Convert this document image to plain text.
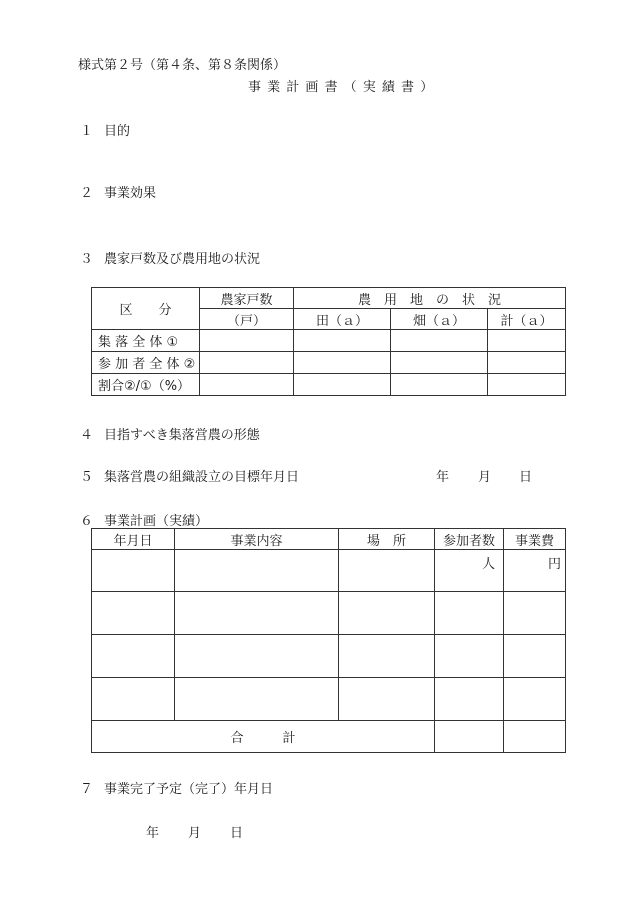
様式第２号（第４条、第８条関係）
事 業 計 画 書 （ 実 績 書 ）
１ 目的
２ 事業効果
３ 農家戸数及び農用地の状況
区　　分	農家戸数	農　用　地　の　状　況		
	（戸）	田（ａ）	畑（ａ）	計（ａ）
集 落 全 体 ①				
参 加 者 全 体 ②				
割合②/①（%）				
４ 目指すべき集落営農の形態
５ 集落営農の組織設立の目標年月日	年 月 日
６ 事業計画（実績）
年月日	事業内容	場　所	参加者数	事業費
			人	円

合　　　計				
７ 事業完了予定（完了）年月日
年 月 日
